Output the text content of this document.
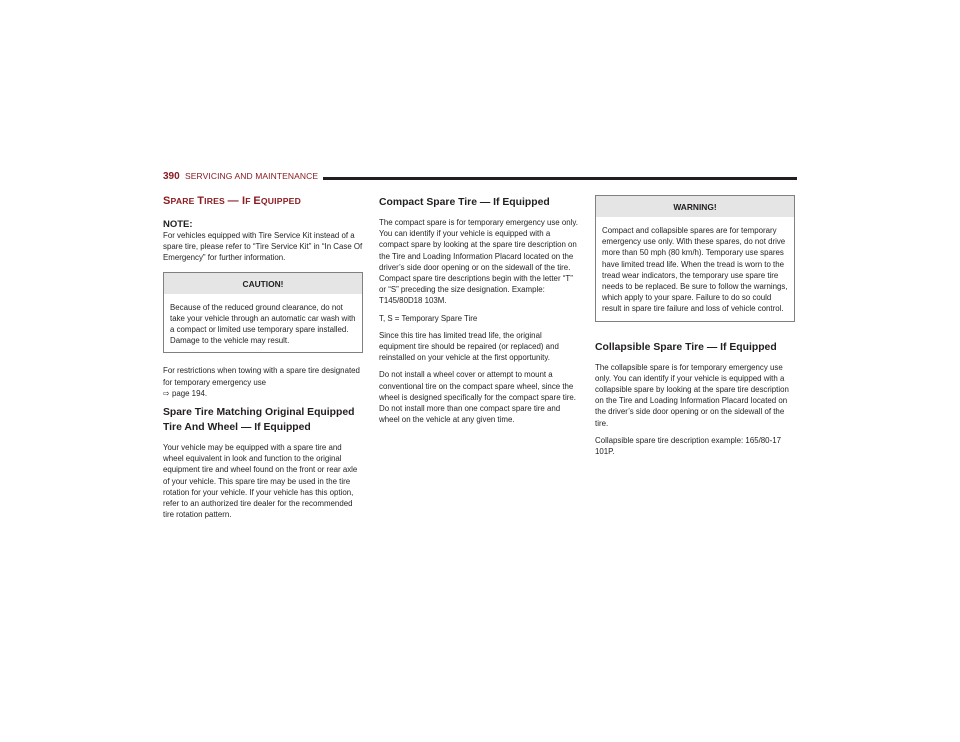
390 SERVICING AND MAINTENANCE
SPARE TIRES — IF EQUIPPED
NOTE:

For vehicles equipped with Tire Service Kit instead of a spare tire, please refer to “Tire Service Kit” in “In Case Of Emergency” for further information.

CAUTION!

Because of the reduced ground clearance, do not take your vehicle through an automatic car wash with a compact or limited use temporary spare installed. Damage to the vehicle may result.

For restrictions when towing with a spare tire designated for temporary emergency use
⇨ page 194.

Spare Tire Matching Original Equipped Tire And Wheel — If Equipped

Your vehicle may be equipped with a spare tire and wheel equivalent in look and function to the original equipment tire and wheel found on the front or rear axle of your vehicle. This spare tire may be used in the tire rotation for your vehicle. If your vehicle has this option, refer to an authorized tire dealer for the recommended tire rotation pattern.

Compact Spare Tire — If Equipped

The compact spare is for temporary emergency use only. You can identify if your vehicle is equipped with a compact spare by looking at the spare tire description on the Tire and Loading Information Placard located on the driver’s side door opening or on the sidewall of the tire. Compact spare tire descriptions begin with the letter “T” or “S” preceding the size designation. Example: T145/80D18 103M.

T, S = Temporary Spare Tire

Since this tire has limited tread life, the original equipment tire should be repaired (or replaced) and reinstalled on your vehicle at the first opportunity.

Do not install a wheel cover or attempt to mount a conventional tire on the compact spare wheel, since the wheel is designed specifically for the compact spare tire. Do not install more than one compact spare tire and wheel on the vehicle at any given time.

WARNING!

Compact and collapsible spares are for temporary emergency use only. With these spares, do not drive more than 50 mph (80 km/h). Temporary use spares have limited tread life. When the tread is worn to the tread wear indicators, the temporary use spare tire needs to be replaced. Be sure to follow the warnings, which apply to your spare. Failure to do so could result in spare tire failure and loss of vehicle control.

Collapsible Spare Tire — If Equipped

The collapsible spare is for temporary emergency use only. You can identify if your vehicle is equipped with a collapsible spare by looking at the spare tire description on the Tire and Loading Information Placard located on the driver’s side door opening or on the sidewall of the tire.

Collapsible spare tire description example: 165/80-17 101P.
